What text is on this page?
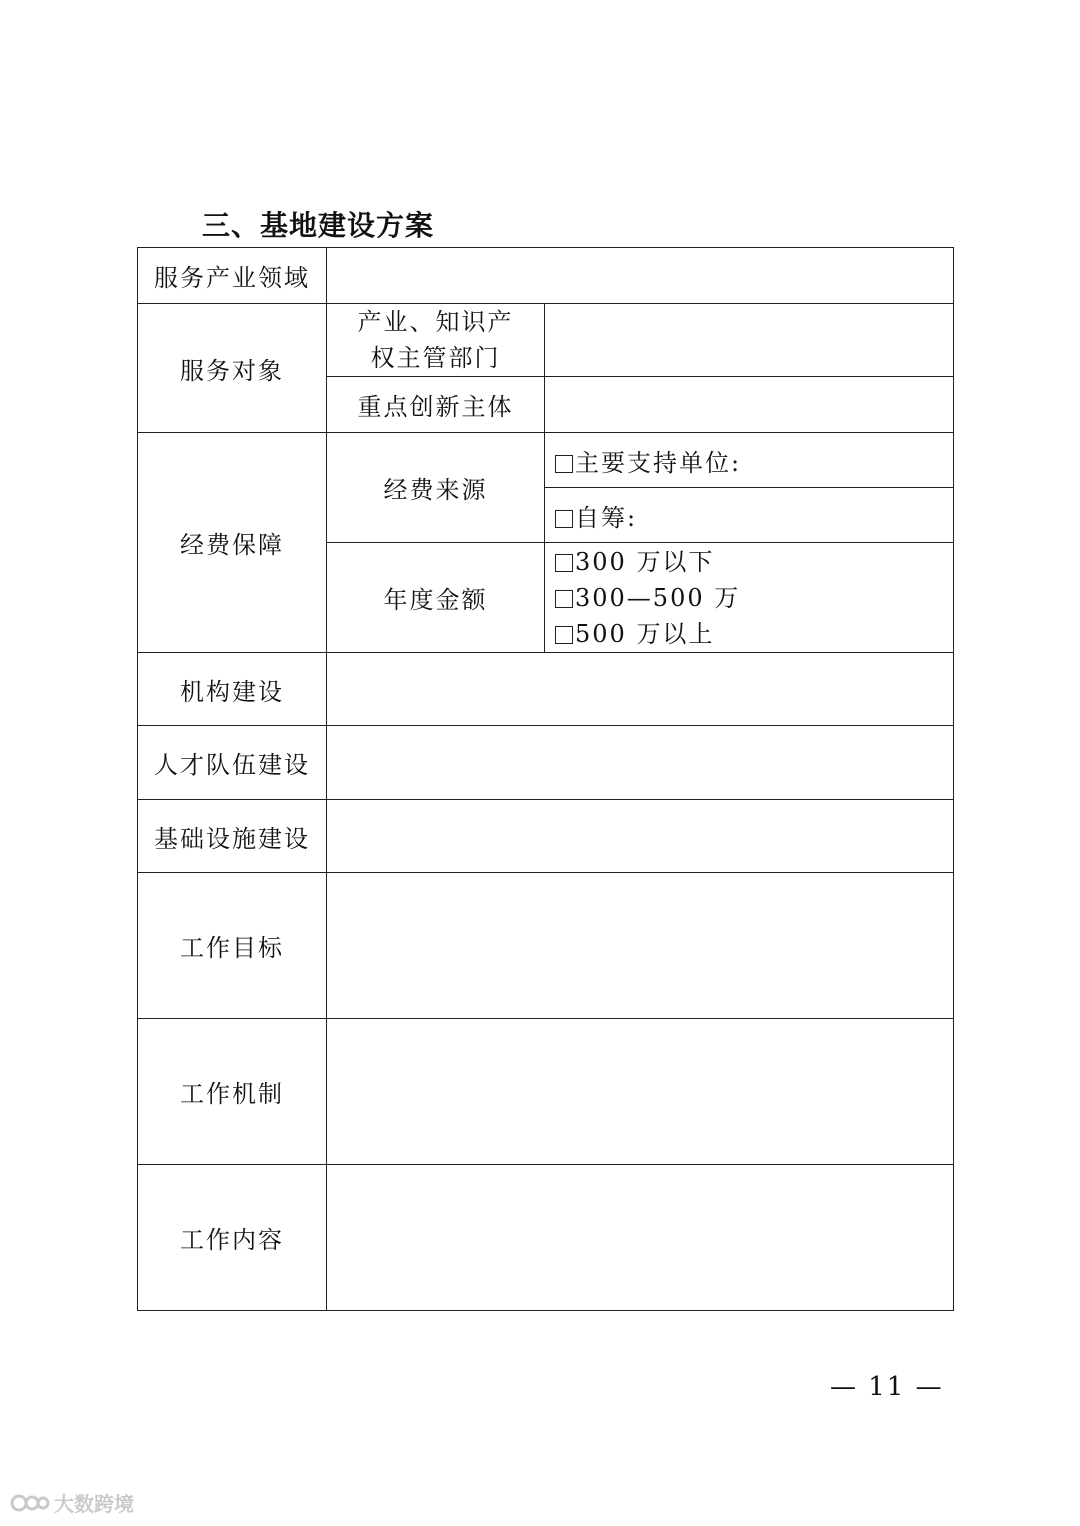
三、基地建设方案
服务产业领域		
服务对象	产业、知识产权主管部门	
	重点创新主体	
经费保障	经费来源	主要支持单位:
		自筹:
	年度金额	300 万以下
300—500 万
500 万以上

机构建设		
人才队伍建设		
基础设施建设		
工作目标		
工作机制		
工作内容		
— 11 —
大数跨境
